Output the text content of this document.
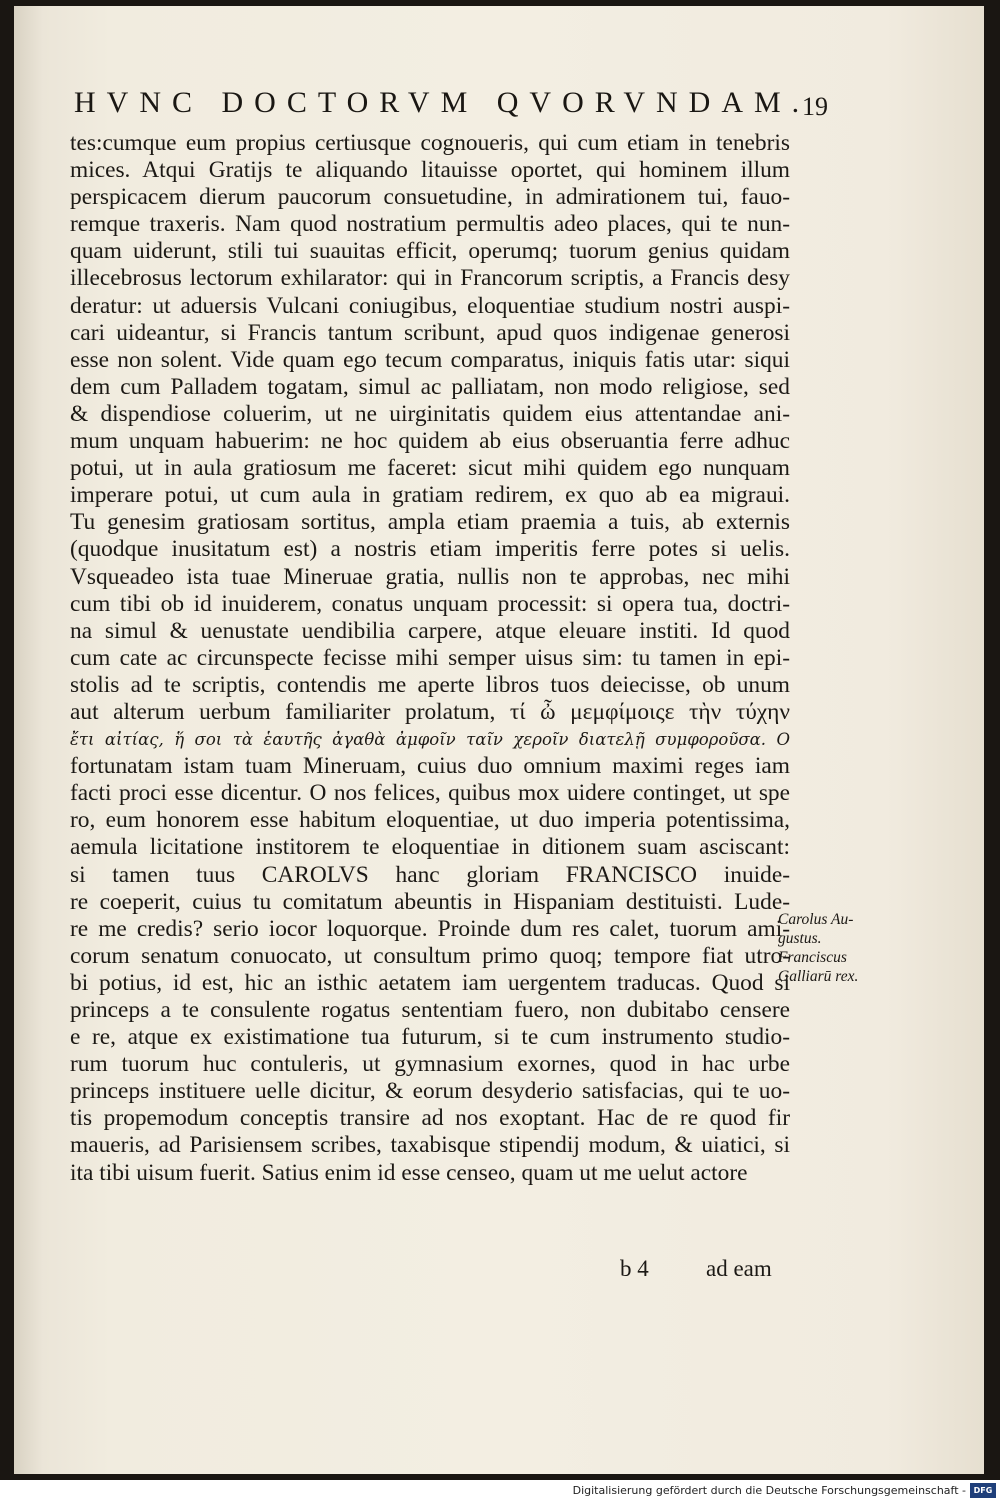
HVNC DOCTORVM QVORVNDAM.
19
tes:cumque eum propius certiusque cognoueris, qui cum etiam in tenebris
mices. Atqui Gratijs te aliquando litauisse oportet, qui hominem illum
perspicacem dierum paucorum consuetudine, in admirationem tui, fauo-
remque traxeris. Nam quod nostratium permultis adeo places, qui te nun-
quam uiderunt, stili tui suauitas efficit, operumq; tuorum genius quidam
illecebrosus lectorum exhilarator: qui in Francorum scriptis, a Francis desy
deratur: ut aduersis Vulcani coniugibus, eloquentiae studium nostri auspi-
cari uideantur, si Francis tantum scribunt, apud quos indigenae generosi
esse non solent. Vide quam ego tecum comparatus, iniquis fatis utar: siqui
dem cum Palladem togatam, simul ac palliatam, non modo religiose, sed
& dispendiose coluerim, ut ne uirginitatis quidem eius attentandae ani-
mum unquam habuerim: ne hoc quidem ab eius obseruantia ferre adhuc
potui, ut in aula gratiosum me faceret: sicut mihi quidem ego nunquam
imperare potui, ut cum aula in gratiam redirem, ex quo ab ea migraui.
Tu genesim gratiosam sortitus, ampla etiam praemia a tuis, ab externis
(quodque inusitatum est) a nostris etiam imperitis ferre potes si uelis.
Vsqueadeo ista tuae Mineruae gratia, nullis non te approbas, nec mihi
cum tibi ob id inuiderem, conatus unquam processit: si opera tua, doctri-
na simul & uenustate uendibilia carpere, atque eleuare institi. Id quod
cum cate ac circunspecte fecisse mihi semper uisus sim: tu tamen in epi-
stolis ad te scriptis, contendis me aperte libros tuos deiecisse, ob unum
aut alterum uerbum familiariter prolatum, τί ὦ μεμφίμοιςε τὴν τύχην
ἔτι αἰτίας, ἥ σοι τὰ ἑαυτῆς ἀγαθὰ ἀμφοῖν ταῖν χεροῖν διατελῇ συμφοροῦσα. O
fortunatam istam tuam Mineruam, cuius duo omnium maximi reges iam
facti proci esse dicentur. O nos felices, quibus mox uidere continget, ut spe
ro, eum honorem esse habitum eloquentiae, ut duo imperia potentissima,
aemula licitatione institorem te eloquentiae in ditionem suam asciscant:
si tamen tuus CAROLVS hanc gloriam FRANCISCO inuide-
re coeperit, cuius tu comitatum abeuntis in Hispaniam destituisti. Lude-
re me credis? serio iocor loquorque. Proinde dum res calet, tuorum ami-
corum senatum conuocato, ut consultum primo quoq; tempore fiat utro-
bi potius, id est, hic an isthic aetatem iam uergentem traducas. Quod si
princeps a te consulente rogatus sententiam fuero, non dubitabo censere
e re, atque ex existimatione tua futurum, si te cum instrumento studio-
rum tuorum huc contuleris, ut gymnasium exornes, quod in hac urbe
princeps instituere uelle dicitur, & eorum desyderio satisfacias, qui te uo-
tis propemodum conceptis transire ad nos exoptant. Hac de re quod fir
maueris, ad Parisiensem scribes, taxabisque stipendij modum, & uiatici, si
ita tibi uisum fuerit. Satius enim id esse censeo, quam ut me uelut actore
Carolus Au-
gustus.
Franciscus
Galliarū rex.
b 4 ad eam
Digitalisierung gefördert durch die Deutsche Forschungsgemeinschaft - DFG
